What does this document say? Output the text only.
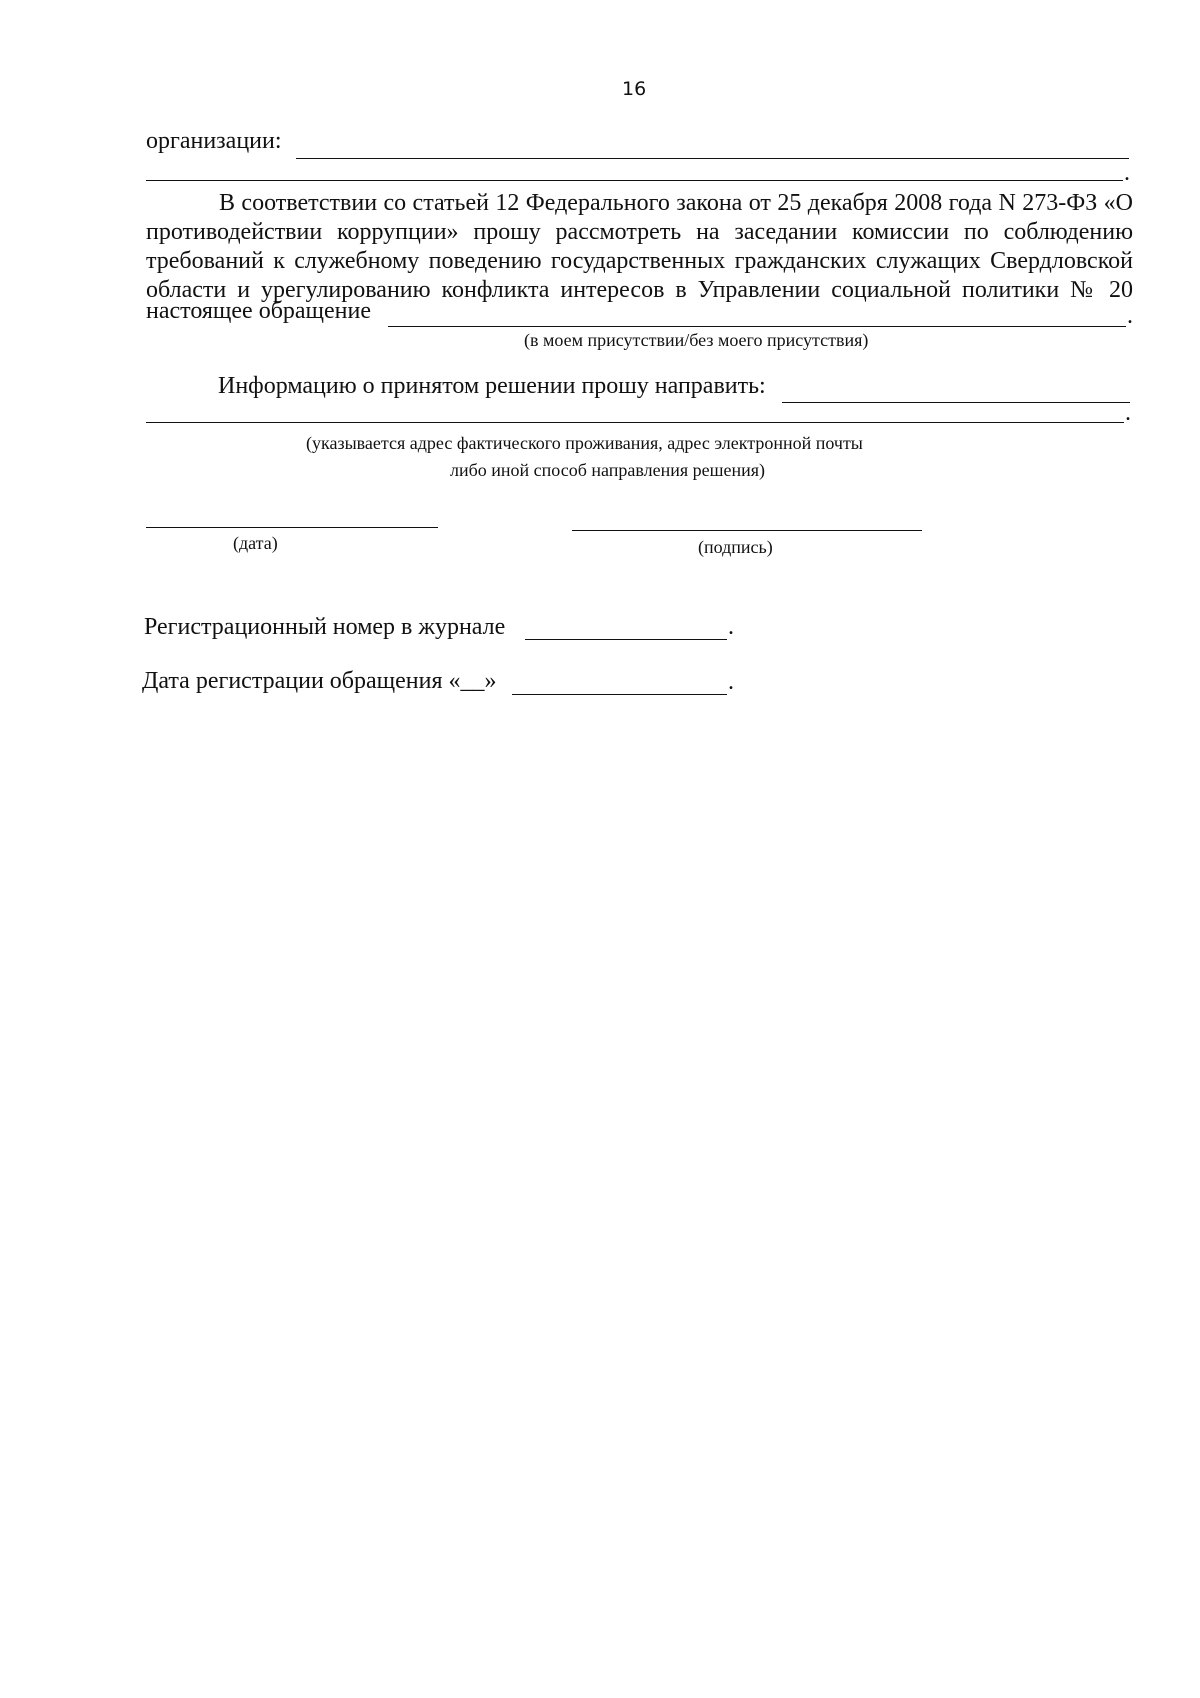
16
организации:
.
В соответствии со статьей 12 Федерального закона от 25 декабря 2008 года N 273-ФЗ «О
противодействии коррупции» прошу рассмотреть на заседании комиссии по соблюдению
требований к служебному поведению государственных гражданских служащих Свердловской
области и урегулированию конфликта интересов в Управлении социальной политики № 20
настоящее обращение	.
(в моем присутствии/без моего присутствия)
Информацию о принятом решении прошу направить:
.
(указывается адрес фактического проживания, адрес электронной почты
либо иной способ направления решения)
(дата)	(подпись)
Регистрационный номер в журнале	.
Дата регистрации обращения «__»	.
